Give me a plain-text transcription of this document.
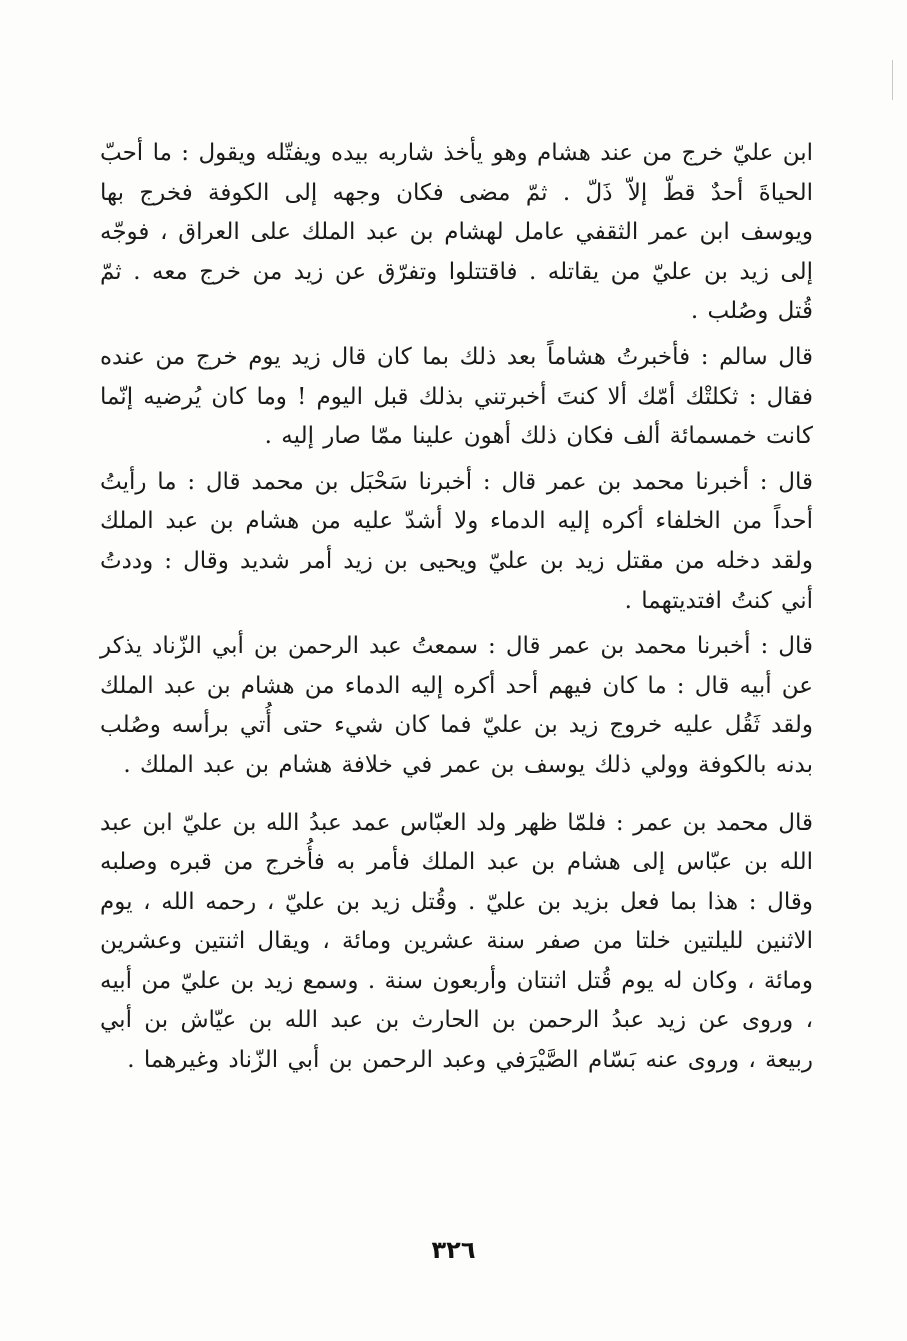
ابن عليّ خرج من عند هشام وهو يأخذ شاربه بيده ويفتّله ويقول : ما أحبّ الحياةَ أحدٌ قطّ إلاّ ذَلّ . ثمّ مضى فكان وجهه إلى الكوفة فخرج بها ويوسف ابن عمر الثقفي عامل لهشام بن عبد الملك على العراق ، فوجّه إلى زيد بن عليّ من يقاتله . فاقتتلوا وتفرّق عن زيد من خرج معه . ثمّ قُتل وصُلب .

قال سالم : فأخبرتُ هشاماً بعد ذلك بما كان قال زيد يوم خرج من عنده فقال : ثكلتْك أمّك ألا كنتَ أخبرتني بذلك قبل اليوم ! وما كان يُرضيه إنّما كانت خمسمائة ألف فكان ذلك أهون علينا ممّا صار إليه .

قال : أخبرنا محمد بن عمر قال : أخبرنا سَحْبَل بن محمد قال : ما رأيتُ أحداً من الخلفاء أكره إليه الدماء ولا أشدّ عليه من هشام بن عبد الملك ولقد دخله من مقتل زيد بن عليّ ويحيى بن زيد أمر شديد وقال : وددتُ أني كنتُ افتديتهما .

قال : أخبرنا محمد بن عمر قال : سمعتُ عبد الرحمن بن أبي الزّناد يذكر عن أبيه قال : ما كان فيهم أحد أكره إليه الدماء من هشام بن عبد الملك ولقد ثَقُل عليه خروج زيد بن عليّ فما كان شيء حتى أُتي برأسه وصُلب بدنه بالكوفة وولي ذلك يوسف بن عمر في خلافة هشام بن عبد الملك .

قال محمد بن عمر : فلمّا ظهر ولد العبّاس عمد عبدُ الله بن عليّ ابن عبد الله بن عبّاس إلى هشام بن عبد الملك فأمر به فأُخرج من قبره وصلبه وقال : هذا بما فعل بزيد بن عليّ . وقُتل زيد بن عليّ ، رحمه الله ، يوم الاثنين لليلتين خلتا من صفر سنة عشرين ومائة ، ويقال اثنتين وعشرين ومائة ، وكان له يوم قُتل اثنتان وأربعون سنة . وسمع زيد بن عليّ من أبيه ، وروى عن زيد عبدُ الرحمن بن الحارث بن عبد الله بن عيّاش بن أبي ربيعة ، وروى عنه بَسّام الصَّيْرَفي وعبد الرحمن بن أبي الزّناد وغيرهما .

٣٢٦
